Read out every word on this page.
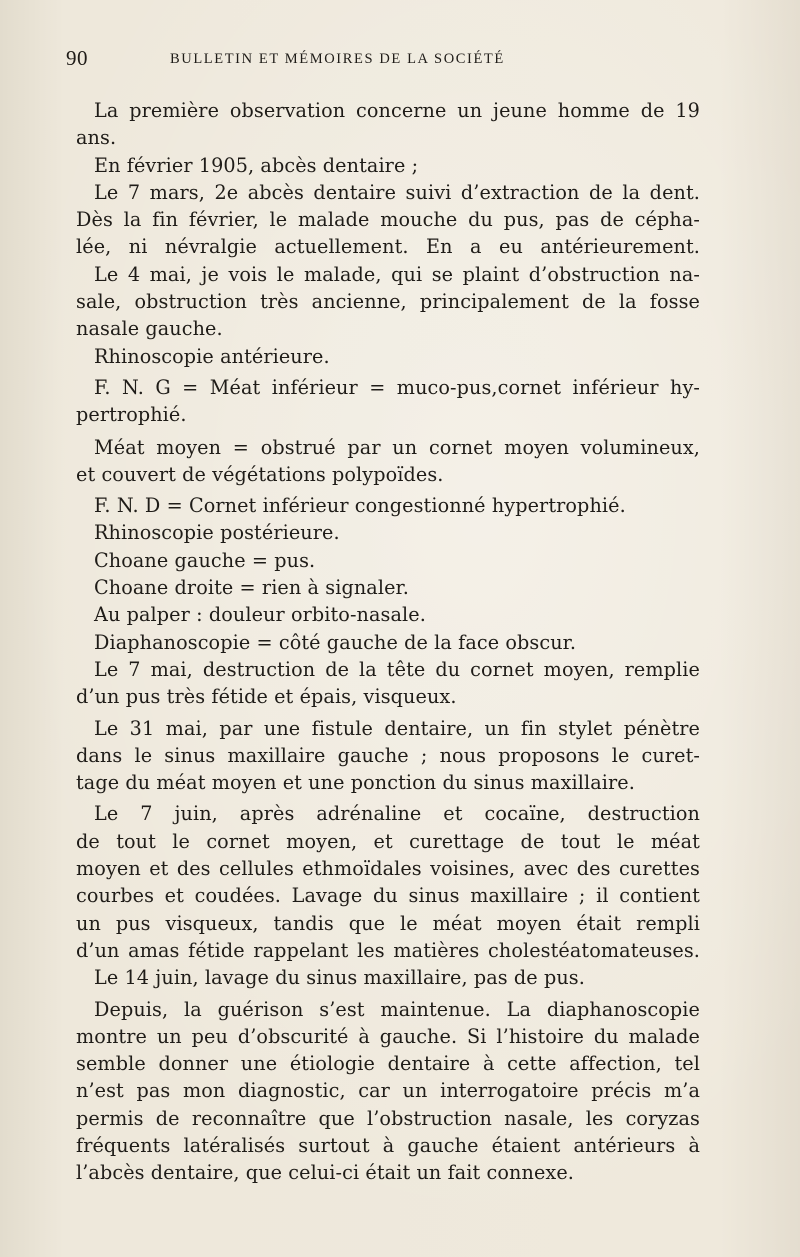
90	BULLETIN ET MÉMOIRES DE LA SOCIÉTÉ
La première observation concerne un jeune homme de 19
ans.
En février 1905, abcès dentaire ;
Le 7 mars, 2e abcès dentaire suivi d’extraction de la dent.
Dès la fin février, le malade mouche du pus, pas de cépha-
lée, ni névralgie actuellement. En a eu antérieurement.
Le 4 mai, je vois le malade, qui se plaint d’obstruction na-
sale, obstruction très ancienne, principalement de la fosse
nasale gauche.
Rhinoscopie antérieure.
F. N. G = Méat inférieur = muco-pus,cornet inférieur hy-
pertrophié.
Méat moyen = obstrué par un cornet moyen volumineux,
et couvert de végétations polypoïdes.
F. N. D = Cornet inférieur congestionné hypertrophié.
Rhinoscopie postérieure.
Choane gauche = pus.
Choane droite = rien à signaler.
Au palper : douleur orbito-nasale.
Diaphanoscopie = côté gauche de la face obscur.
Le 7 mai, destruction de la tête du cornet moyen, remplie
d’un pus très fétide et épais, visqueux.
Le 31 mai, par une fistule dentaire, un fin stylet pénètre
dans le sinus maxillaire gauche ; nous proposons le curet-
tage du méat moyen et une ponction du sinus maxillaire.
Le 7 juin, après adrénaline et cocaïne, destruction
de tout le cornet moyen, et curettage de tout le méat
moyen et des cellules ethmoïdales voisines, avec des curettes
courbes et coudées. Lavage du sinus maxillaire ; il contient
un pus visqueux, tandis que le méat moyen était rempli
d’un amas fétide rappelant les matières cholestéatomateuses.
Le 14 juin, lavage du sinus maxillaire, pas de pus.
Depuis, la guérison s’est maintenue. La diaphanoscopie
montre un peu d’obscurité à gauche. Si l’histoire du malade
semble donner une étiologie dentaire à cette affection, tel
n’est pas mon diagnostic, car un interrogatoire précis m’a
permis de reconnaître que l’obstruction nasale, les coryzas
fréquents latéralisés surtout à gauche étaient antérieurs à
l’abcès dentaire, que celui-ci était un fait connexe.
